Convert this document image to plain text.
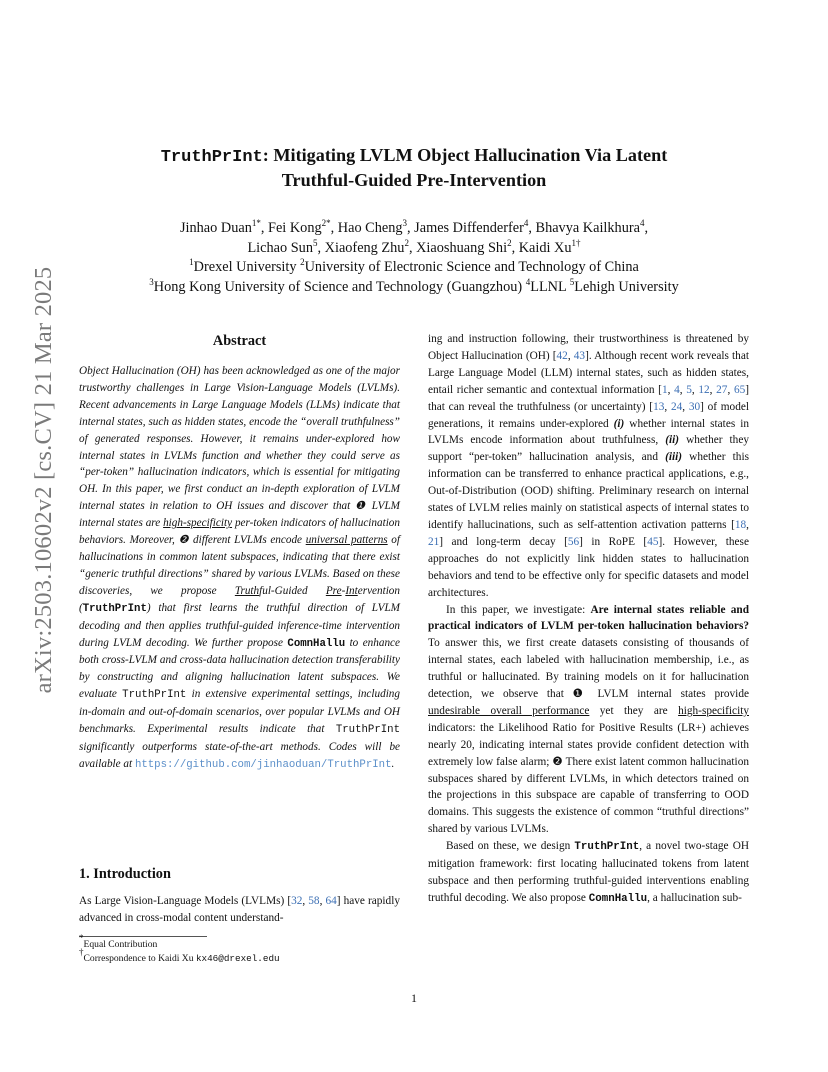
arXiv:2503.10602v2 [cs.CV] 21 Mar 2025
TruthPrInt: Mitigating LVLM Object Hallucination Via Latent
Truthful-Guided Pre-Intervention
Jinhao Duan$^{1*}$, Fei Kong$^{2*}$, Hao Cheng$^3$, James Diffenderfer$^4$, Bhavya Kailkhura$^4$,
Lichao Sun$^5$, Xiaofeng Zhu$^2$, Xiaoshuang Shi$^2$, Kaidi $Xu^{1\dagger}$
$^1$Drexel University $^2$University of Electronic Science and Technology of China
$^3$Hong Kong University of Science and Technology (Guangzhou) $^4$LLNL $^5$Lehigh University
Abstract

Object Hallucination (OH) has been acknowledged as one of the major trustworthy challenges in Large Vision-Language Models (LVLMs). Recent advancements in Large Language Models (LLMs) indicate that internal states, such as hidden states, encode the “overall truthfulness” of generated responses. However, it remains under-explored how internal states in LVLMs function and whether they could serve as “per-token” hallucination indicators, which is essential for mitigating OH. In this paper, we first conduct an in-depth exploration of LVLM internal states in relation to OH issues and discover that ❶ LVLM internal states are high-specificity per-token indicators of hallucination behaviors. Moreover, ❷ different LVLMs encode universal patterns of hallucinations in common latent subspaces, indicating that there exist “generic truthful directions” shared by various LVLMs. Based on these discoveries, we propose Truthful-Guided Pre-Intervention (TruthPrInt) that first learns the truthful direction of LVLM decoding and then applies truthful-guided inference-time intervention during LVLM decoding. We further propose ComnHallu to enhance both cross-LVLM and cross-data hallucination detection transferability by constructing and aligning hallucination latent subspaces. We evaluate TruthPrInt in extensive experimental settings, including in-domain and out-of-domain scenarios, over popular LVLMs and OH benchmarks. Experimental results indicate that TruthPrInt significantly outperforms state-of-the-art methods. Codes will be available at https://github.com/jinhaoduan/TruthPrInt.

1. Introduction

As Large Vision-Language Models (LVLMs) [32, 58, 64] have rapidly advanced in cross-modal content understand-

*Equal Contribution

†Correspondence to Kaidi Xu kx46@drexel.edu

ing and instruction following, their trustworthiness is threatened by Object Hallucination (OH) [42, 43]. Although recent work reveals that Large Language Model (LLM) internal states, such as hidden states, entail richer semantic and contextual information [1, 4, 5, 12, 27, 65] that can reveal the truthfulness (or uncertainty) [13, 24, 30] of model generations, it remains under-explored (i) whether internal states in LVLMs encode information about truthfulness, (ii) whether they support “per-token” hallucination analysis, and (iii) whether this information can be transferred to enhance practical applications, e.g., Out-of-Distribution (OOD) shifting. Preliminary research on internal states of LVLM relies mainly on statistical aspects of internal states to identify hallucinations, such as self-attention activation patterns [18, 21] and long-term decay [56] in RoPE [45]. However, these approaches do not explicitly link hidden states to hallucination behaviors and tend to be effective only for specific datasets and model architectures.

In this paper, we investigate: Are internal states reliable and practical indicators of LVLM per-token hallucination behaviors? To answer this, we first create datasets consisting of thousands of internal states, each labeled with hallucination membership, i.e., as truthful or hallucinated. By training models on it for hallucination detection, we observe that ❶ LVLM internal states provide undesirable overall performance yet they are high-specificity indicators: the Likelihood Ratio for Positive Results (LR+) achieves nearly 20, indicating internal states provide confident detection with extremely low false alarm; ❷ There exist latent common hallucination subspaces shared by different LVLMs, in which detectors trained on the projections in this subspace are capable of transferring to OOD domains. This suggests the existence of common “truthful directions” shared by various LVLMs.

Based on these, we design TruthPrInt, a novel two-stage OH mitigation framework: first locating hallucinated tokens from latent subspace and then performing truthful-guided interventions enabling truthful decoding. We also propose ComnHallu, a hallucination sub-

1
